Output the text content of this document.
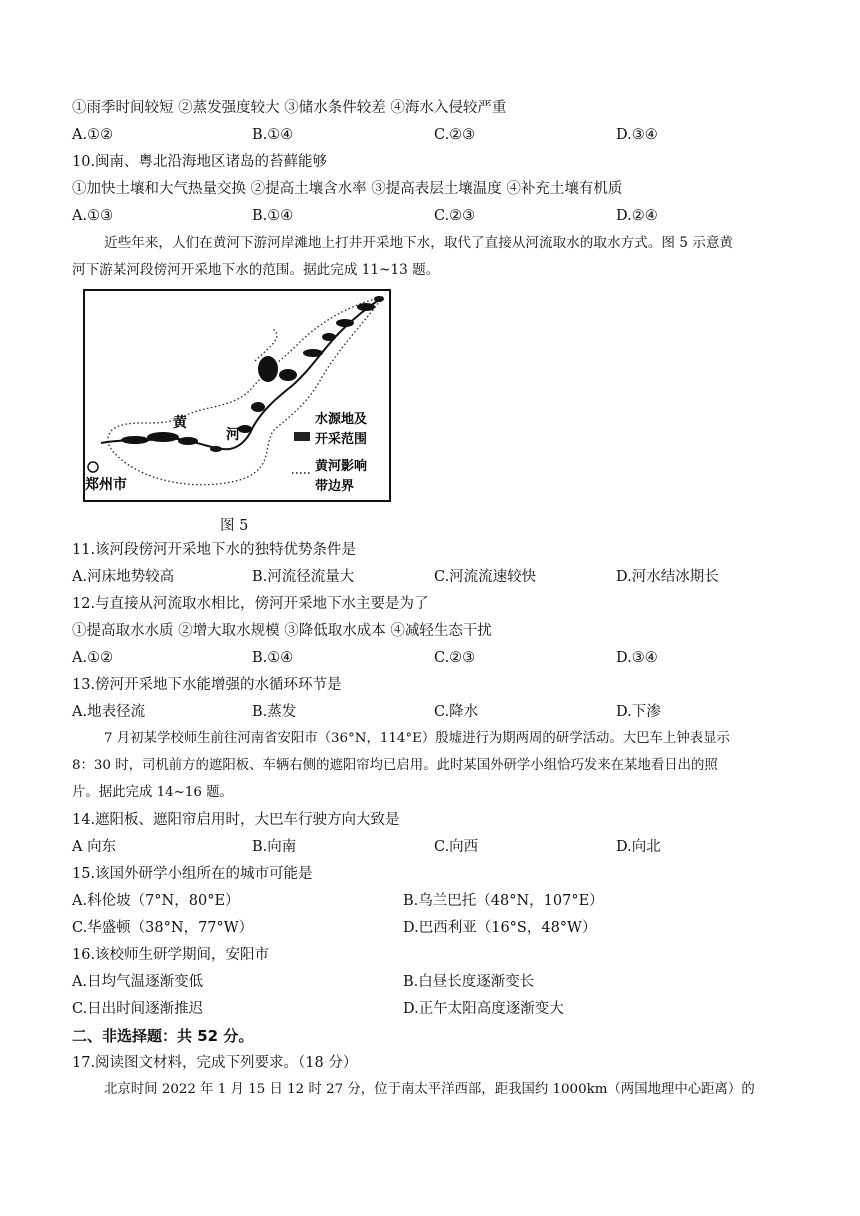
①雨季时间较短 ②蒸发强度较大 ③储水条件较差 ④海水入侵较严重
A.①②	B.①④	C.②③	D.③④
10.闽南、粤北沿海地区诸岛的苔藓能够
①加快土壤和大气热量交换 ②提高土壤含水率 ③提高表层土壤温度 ④补充土壤有机质
A.①③	B.①④	C.②③	D.②④
近些年来，人们在黄河下游河岸滩地上打井开采地下水，取代了直接从河流取水的取水方式。图 5 示意黄
河下游某河段傍河开采地下水的范围。据此完成 11~13 题。
黄
河
郑州市
水源地及
开采范围
黄河影响
带边界
图 5
11.该河段傍河开采地下水的独特优势条件是
A.河床地势较高	B.河流径流量大	C.河流流速较快	D.河水结冰期长
12.与直接从河流取水相比，傍河开采地下水主要是为了
①提高取水水质 ②增大取水规模 ③降低取水成本 ④减轻生态干扰
A.①②	B.①④	C.②③	D.③④
13.傍河开采地下水能增强的水循环环节是
A.地表径流	B.蒸发	C.降水	D.下渗
7 月初某学校师生前往河南省安阳市（36°N，114°E）殷墟进行为期两周的研学活动。大巴车上钟表显示
8：30 时，司机前方的遮阳板、车辆右侧的遮阳帘均已启用。此时某国外研学小组恰巧发来在某地看日出的照
片。据此完成 14~16 题。
14.遮阳板、遮阳帘启用时，大巴车行驶方向大致是
A 向东	B.向南	C.向西	D.向北
15.该国外研学小组所在的城市可能是
A.科伦坡（7°N，80°E）	B.乌兰巴托（48°N，107°E）
C.华盛顿（38°N，77°W）	D.巴西利亚（16°S，48°W）
16.该校师生研学期间，安阳市
A.日均气温逐渐变低	B.白昼长度逐渐变长
C.日出时间逐渐推迟	D.正午太阳高度逐渐变大
二、非选择题：共 52 分。
17.阅读图文材料，完成下列要求。（18 分）
北京时间 2022 年 1 月 15 日 12 时 27 分，位于南太平洋西部，距我国约 1000km（两国地理中心距离）的
